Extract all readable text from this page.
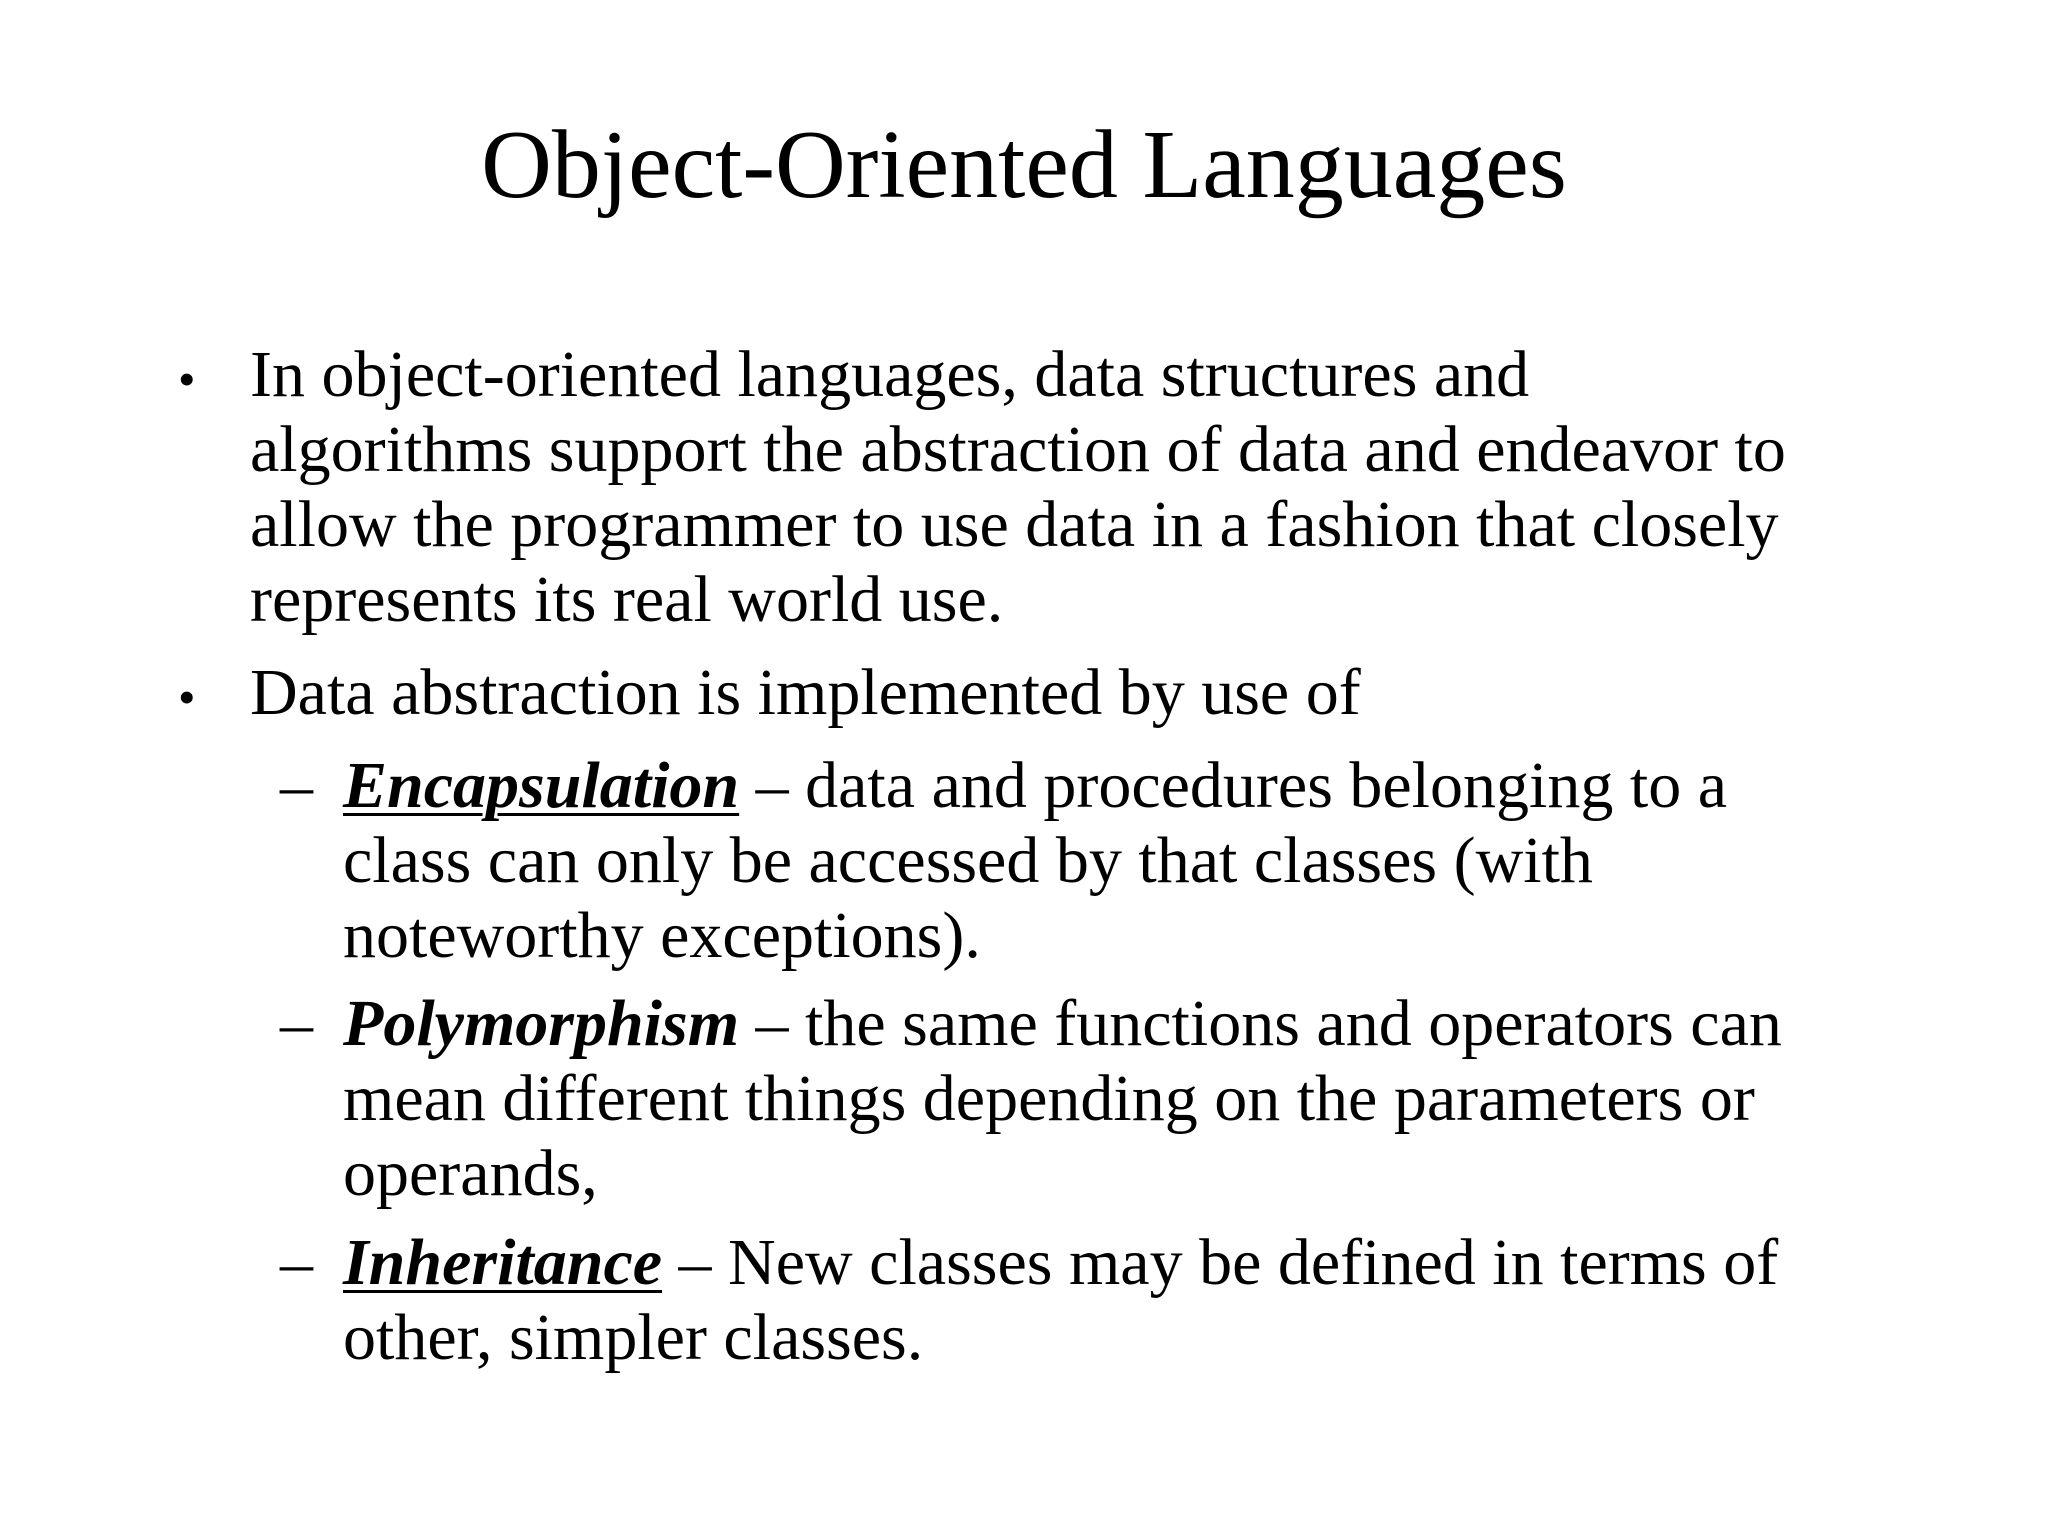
Object-Oriented Languages
• In object-oriented languages, data structures and
algorithms support the abstraction of data and endeavor to
allow the programmer to use data in a fashion that closely
represents its real world use.
• Data abstraction is implemented by use of
– Encapsulation – data and procedures belonging to a
class can only be accessed by that classes (with
noteworthy exceptions).
– Polymorphism – the same functions and operators can
mean different things depending on the parameters or
operands,
– Inheritance – New classes may be defined in terms of
other, simpler classes.
